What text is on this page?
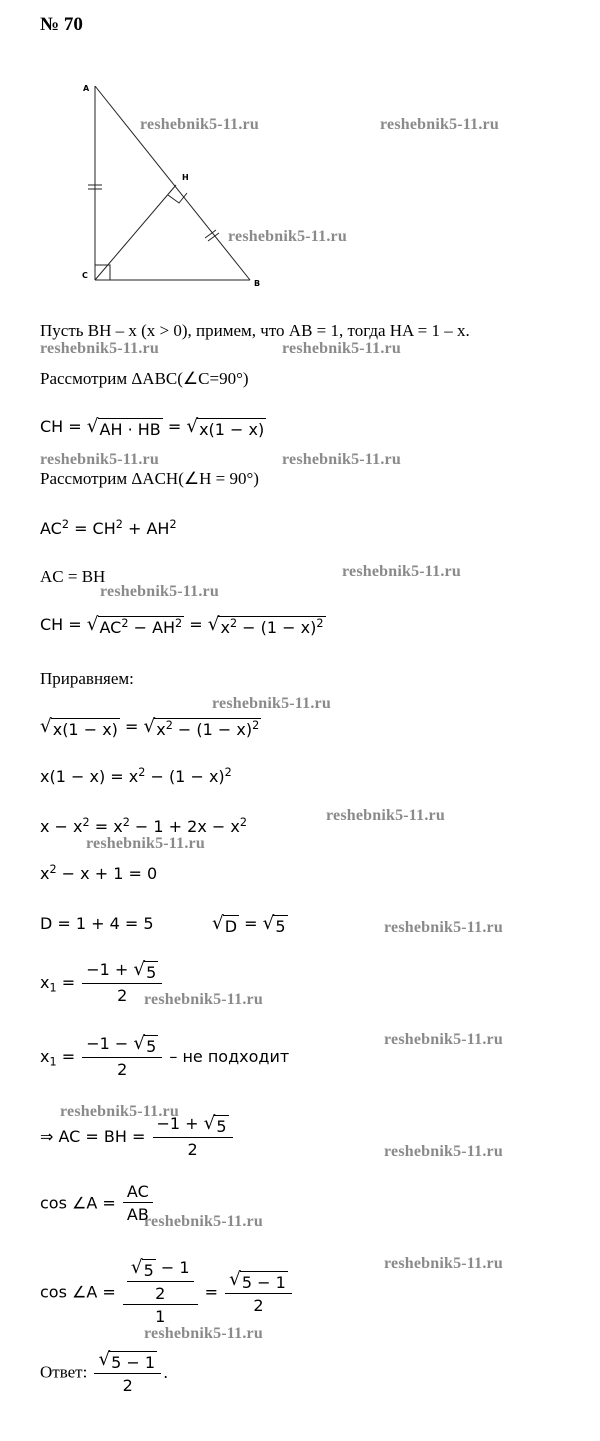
№ 70
A
H
C
B
reshebnik5-11.ru	reshebnik5-11.ru
reshebnik5-11.ru
reshebnik5-11.ru	reshebnik5-11.ru
reshebnik5-11.ru	reshebnik5-11.ru
reshebnik5-11.ru
reshebnik5-11.ru
reshebnik5-11.ru
reshebnik5-11.ru
reshebnik5-11.ru
reshebnik5-11.ru
reshebnik5-11.ru
reshebnik5-11.ru
reshebnik5-11.ru
reshebnik5-11.ru
reshebnik5-11.ru
reshebnik5-11.ru
reshebnik5-11.ru
Пусть BH – x (x > 0), примем, что AB = 1, тогда HA = 1 – x.
Рассмотрим ΔABC(∠C=90°)
CH = √ AH · HB = √ x(1 − x)
Рассмотрим ΔACH(∠H = 90°)
$AC^2 = CH^2 + AH^2$
AC = BH
CH = √ $AC^2 - AH^2$ = √ $x^2 - (1 - x)^2$
Приравняем:
√ x(1 − x) = √ $x^2 - (1 - x)^2$
$x(1 - x) = x^2 - (1 - x)^2$
$x - x^2 = x^2 - 1 + 2x - x^2$
$x^2 - x + 1 = 0$
D = 1 + 4 = 5	√ D = √ 5
$x_1 = \frac{-1 + √ 5}{2}$
$x_1 = \frac{-1 - √ 5}{2}$ – не подходит
⇒ AC = BH = $\frac{-1 + √ 5}{2}$
cos ∠A = $\frac{AC}{AB}$
cos ∠A = $\frac{\frac{√ 5 - 1}{2}}{1} = \frac{√ 5 - 1}{2}$
Ответ: $\frac{√ 5 - 1}{2}$ .
